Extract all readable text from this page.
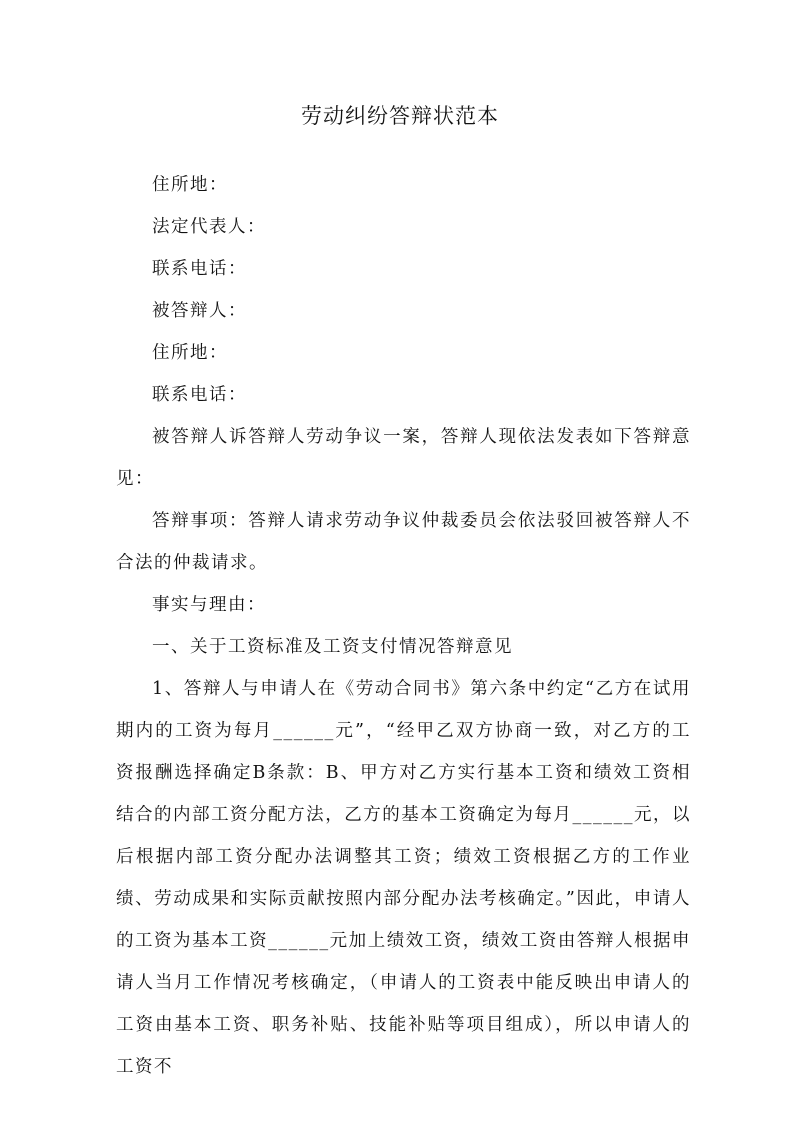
劳动纠纷答辩状范本

住所地：

法定代表人：

联系电话：

被答辩人：

住所地：

联系电话：

被答辩人诉答辩人劳动争议一案，答辩人现依法发表如下答辩意见：

答辩事项：答辩人请求劳动争议仲裁委员会依法驳回被答辩人不合法的仲裁请求。

事实与理由：

一、关于工资标准及工资支付情况答辩意见

1、答辩人与申请人在《劳动合同书》第六条中约定“乙方在试用期内的工资为每月______元”，“经甲乙双方协商一致，对乙方的工资报酬选择确定B条款：B、甲方对乙方实行基本工资和绩效工资相结合的内部工资分配方法，乙方的基本工资确定为每月______元，以后根据内部工资分配办法调整其工资；绩效工资根据乙方的工作业绩、劳动成果和实际贡献按照内部分配办法考核确定。”因此，申请人的工资为基本工资______元加上绩效工资，绩效工资由答辩人根据申请人当月工作情况考核确定，（申请人的工资表中能反映出申请人的工资由基本工资、职务补贴、技能补贴等项目组成），所以申请人的工资不
